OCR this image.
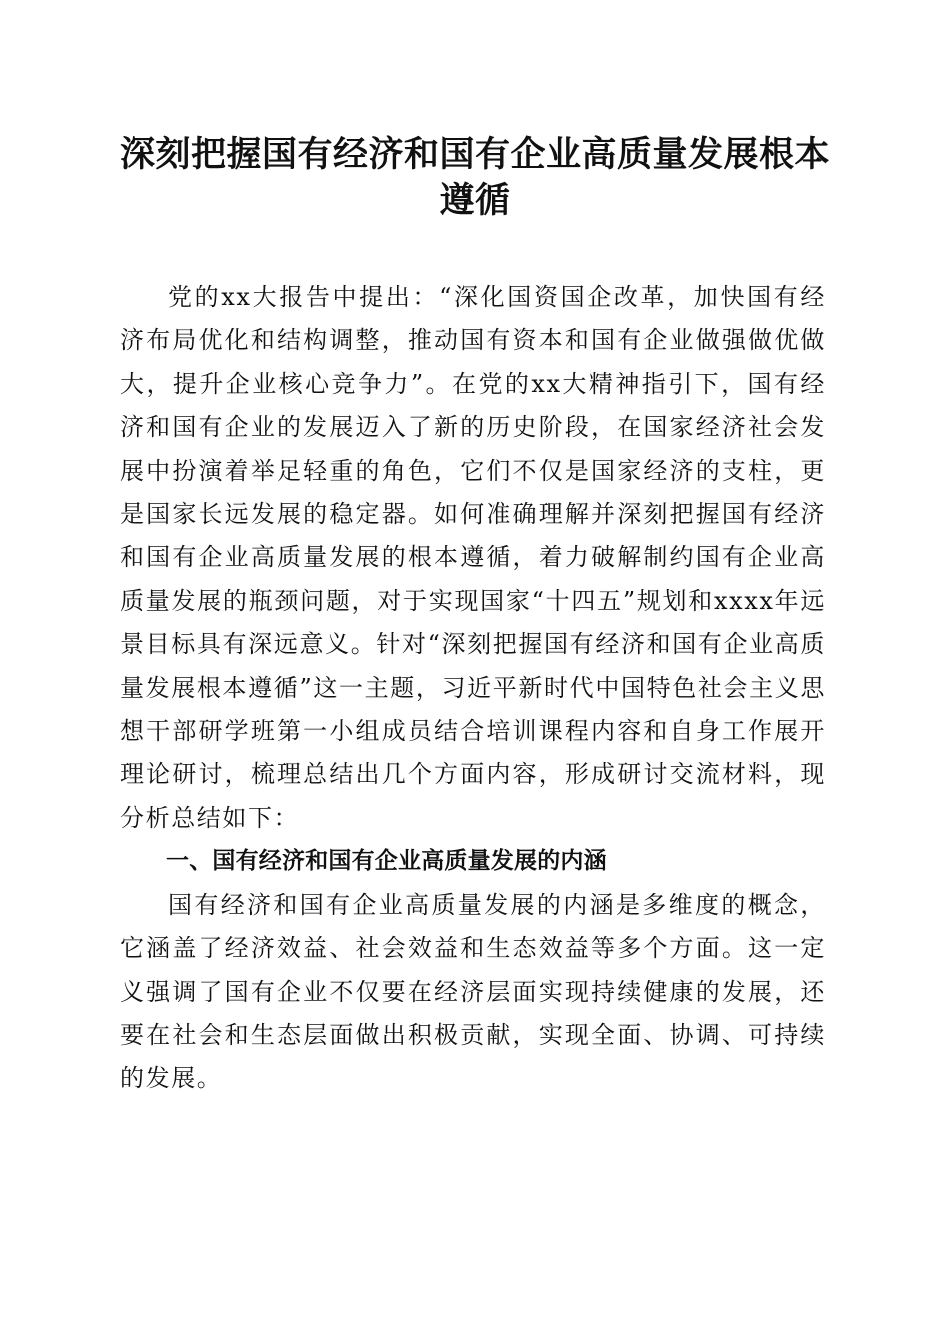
深刻把握国有经济和国有企业高质量发展根本遵循

党的xx大报告中提出：“深化国资国企改革，加快国有经济布局优化和结构调整，推动国有资本和国有企业做强做优做大，提升企业核心竞争力”。在党的xx大精神指引下，国有经济和国有企业的发展迈入了新的历史阶段，在国家经济社会发展中扮演着举足轻重的角色，它们不仅是国家经济的支柱，更是国家长远发展的稳定器。如何准确理解并深刻把握国有经济和国有企业高质量发展的根本遵循，着力破解制约国有企业高质量发展的瓶颈问题，对于实现国家“十四五”规划和xxxx年远景目标具有深远意义。针对“深刻把握国有经济和国有企业高质量发展根本遵循”这一主题，习近平新时代中国特色社会主义思想干部研学班第一小组成员结合培训课程内容和自身工作展开理论研讨，梳理总结出几个方面内容，形成研讨交流材料，现分析总结如下：

一、国有经济和国有企业高质量发展的内涵

国有经济和国有企业高质量发展的内涵是多维度的概念，它涵盖了经济效益、社会效益和生态效益等多个方面。这一定义强调了国有企业不仅要在经济层面实现持续健康的发展，还要在社会和生态层面做出积极贡献，实现全面、协调、可持续的发展。
